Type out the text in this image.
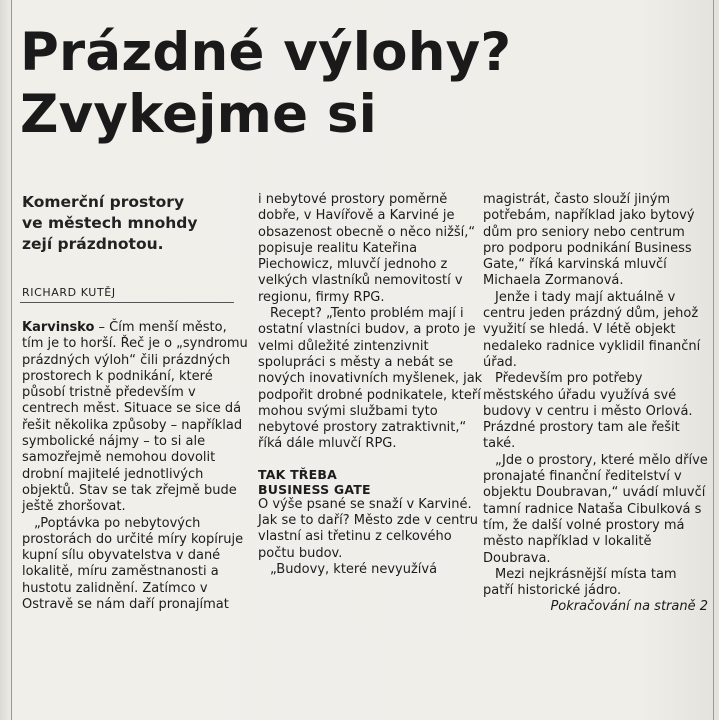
Prázdné výlohy?
Zvykejme si
Komerční prostory
ve městech mnohdy
zejí prázdnotou.
RICHARD KUTĚJ

Karvinsko – Čím menší město, tím je to horší. Řeč je o „syndromu prázdných výloh“ čili prázdných prostorech k podnikání, které působí tristně především v centrech měst. Situace se sice dá řešit několika způsoby – například symbolické nájmy – to si ale samozřejmě nemohou dovolit drobní majitelé jednotlivých objektů. Stav se tak zřejmě bude ještě zhoršovat.

„Poptávka po nebytových prostorách do určité míry kopíruje kupní sílu obyvatelstva v dané lokalitě, míru zaměstnanosti a hustotu zalidnění. Zatímco v Ostravě se nám daří pronajímat

i nebytové prostory poměrně dobře, v Havířově a Karviné je obsazenost obecně o něco nižší,“ popisuje realitu Kateřina Piechowicz, mluvčí jednoho z velkých vlastníků nemovitostí v regionu, firmy RPG.

Recept? „Tento problém mají i ostatní vlastníci budov, a proto je velmi důležité zintenzivnit spolupráci s městy a nebát se nových inovativních myšlenek, jak podpořit drobné podnikatele, kteří mohou svými službami tyto nebytové prostory zatraktivnit,“ říká dále mluvčí RPG.

TAK TŘEBA
BUSINESS GATE

O výše psané se snaží v Karviné. Jak se to daří? Město zde v centru vlastní asi třetinu z celkového počtu budov.

„Budovy, které nevyužívá

magistrát, často slouží jiným potřebám, například jako bytový dům pro seniory nebo centrum pro podporu podnikání Business Gate,“ říká karvinská mluvčí Michaela Zormanová.

Jenže i tady mají aktuálně v centru jeden prázdný dům, jehož využití se hledá. V létě objekt nedaleko radnice vyklidil finanční úřad.

Především pro potřeby městského úřadu využívá své budovy v centru i město Orlová. Prázdné prostory tam ale řešit také.

„Jde o prostory, které mělo dříve pronajaté finanční ředitelství v objektu Doubravan,“ uvádí mluvčí tamní radnice Nataša Cibulková s tím, že další volné prostory má město například v lokalitě Doubrava.

Mezi nejkrásnější místa tam patří historické jádro.

Pokračování na straně 2
